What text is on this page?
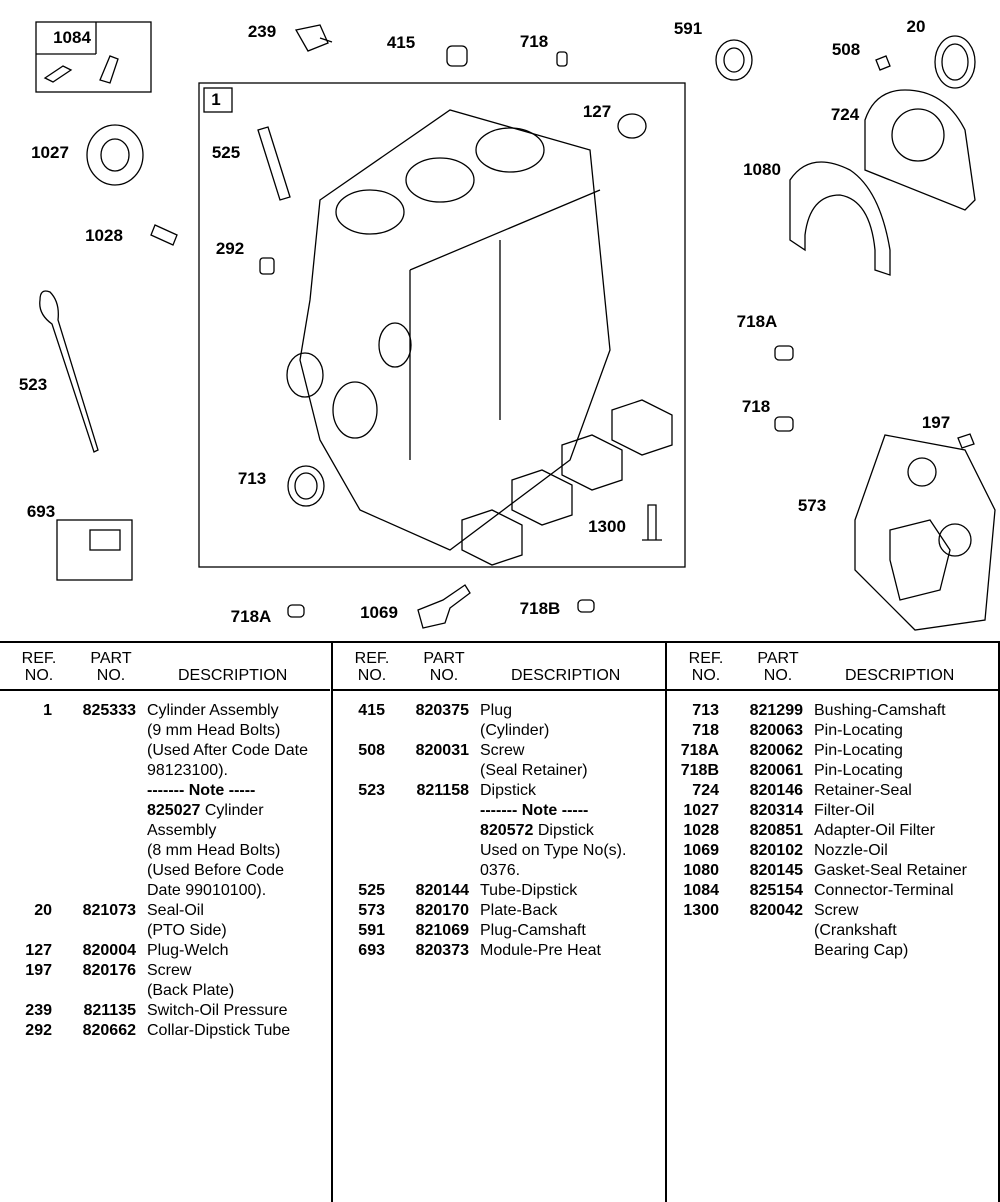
1
1084	239
415	718
591	20
508
127	724
1027	525
1080
1028
292
718A
523
718
197
713
693	573
1300
718A	1069	718B
REF.
NO.
PART
NO.	DESCRIPTION
1 825333 Cylinder Assembly
(9 mm Head Bolts)
(Used After Code Date
98123100).
------- Note -----
825027 Cylinder
Assembly
(8 mm Head Bolts)
(Used Before Code
Date 99010100).
20 821073 Seal-Oil
(PTO Side)
127 820004 Plug-Welch
197 820176 Screw
(Back Plate)
239	821135 Switch-Oil Pressure
292 820662 Collar-Dipstick Tube
REF.
NO.
PART
NO.	DESCRIPTION
415 820375 Plug
(Cylinder)
508 820031 Screw
(Seal Retainer)
523	821158 Dipstick
------- Note -----
820572 Dipstick
Used on Type No(s).
0376.
525 820144 Tube-Dipstick
573 820170 Plate-Back
591 821069 Plug-Camshaft
693 820373 Module-Pre Heat
REF.
NO.
PART
NO.	DESCRIPTION
713 821299 Bushing-Camshaft
718 820063 Pin-Locating
718A 820062 Pin-Locating
718B 820061 Pin-Locating
724 820146 Retainer-Seal
1027 820314 Filter-Oil
1028 820851 Adapter-Oil Filter
1069 820102 Nozzle-Oil
1080 820145 Gasket-Seal Retainer
1084 825154 Connector-Terminal
1300 820042 Screw
(Crankshaft
Bearing Cap)
